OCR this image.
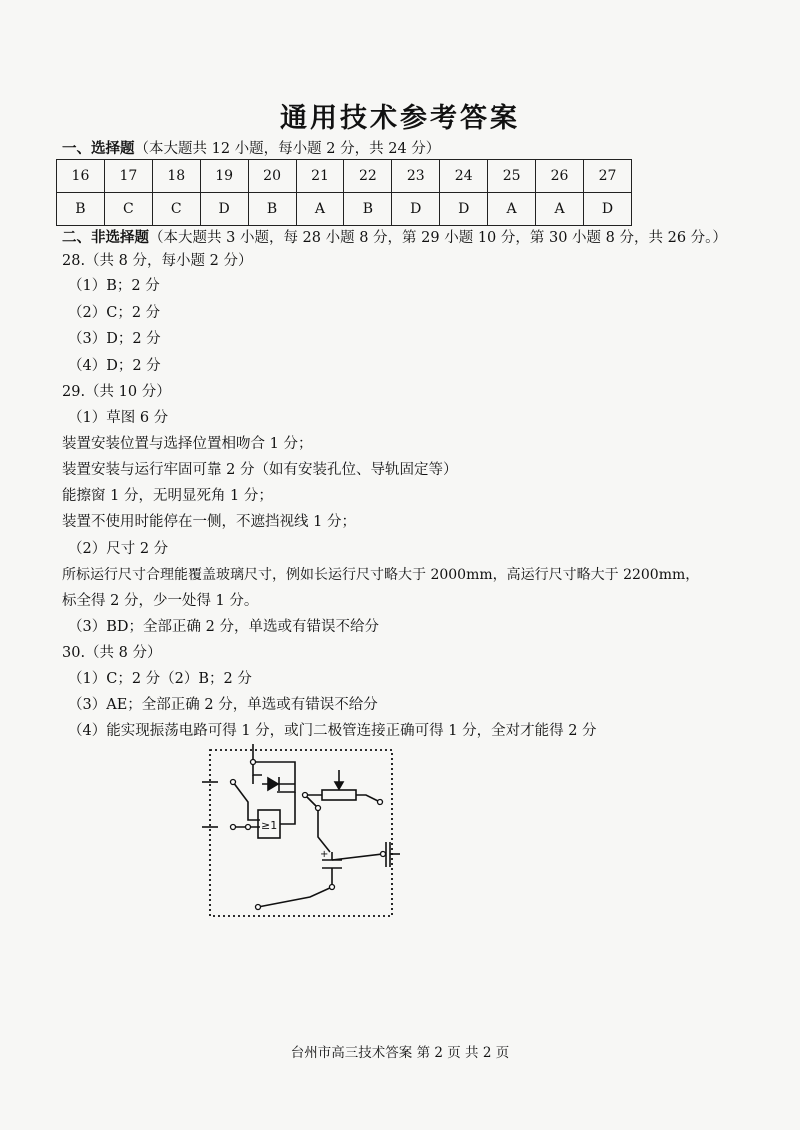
通用技术参考答案
一、选择题（本大题共 12 小题，每小题 2 分，共 24 分）
16	17	18	19	20	21	22	23	24	25	26	27
B	C	C	D	B	A	B	D	D	A	A	D
二、非选择题（本大题共 3 小题，每 28 小题 8 分，第 29 小题 10 分，第 30 小题 8 分，共 26 分。）
28.（共 8 分，每小题 2 分）
（1）B；2 分
（2）C；2 分
（3）D；2 分
（4）D；2 分
29.（共 10 分）
（1）草图 6 分
装置安装位置与选择位置相吻合 1 分；
装置安装与运行牢固可靠 2 分（如有安装孔位、导轨固定等）
能擦窗 1 分，无明显死角 1 分；
装置不使用时能停在一侧，不遮挡视线 1 分；
（2）尺寸 2 分
所标运行尺寸合理能覆盖玻璃尺寸，例如长运行尺寸略大于 2000mm，高运行尺寸略大于 2200mm，
标全得 2 分，少一处得 1 分。
（3）BD；全部正确 2 分，单选或有错误不给分
30.（共 8 分）
（1）C；2 分（2）B；2 分
（3）AE；全部正确 2 分，单选或有错误不给分
（4）能实现振荡电路可得 1 分，或门二极管连接正确可得 1 分，全对才能得 2 分
≥1
+
台州市高三技术答案 第 2 页 共 2 页
